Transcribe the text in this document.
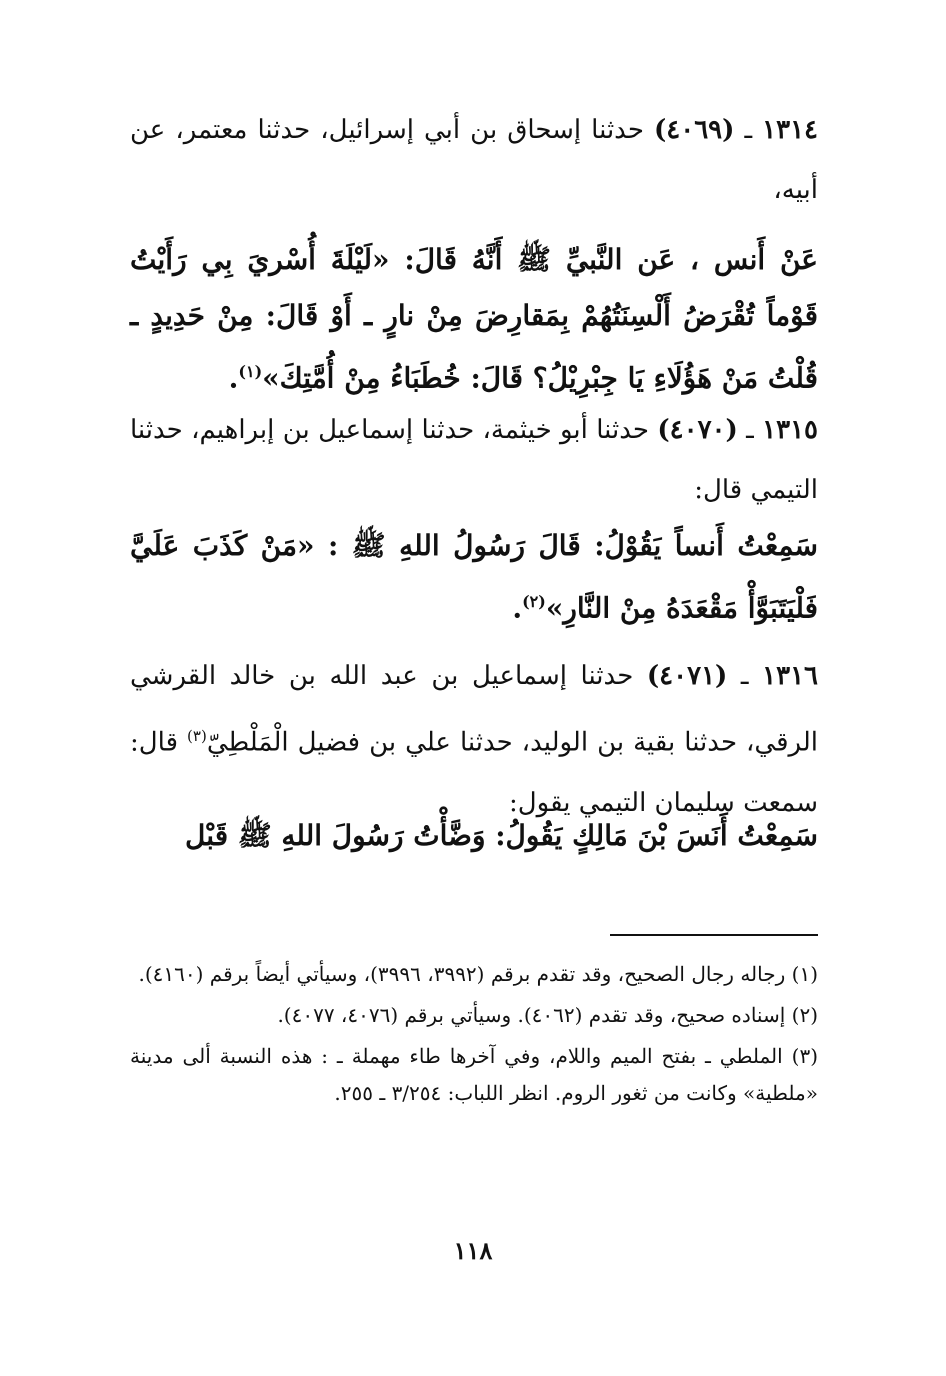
١٣١٤ ـ (٤٠٦٩) حدثنا إسحاق بن أبي إسرائيل، حدثنا معتمر، عن أبيه،
عَنْ أَنس ، عَن النَّبيِّ ﷺ أَنَّهُ قَالَ: «لَيْلَةَ أُسْريَ بِي رَأَيْتُ قَوْماً تُقْرَضُ أَلْسِنَتُهُمْ بِمَقارِضَ مِنْ نارٍ ـ أَوْ قَالَ: مِنْ حَدِيدٍ ـ قُلْتُ مَنْ هَؤُلَاءِ يَا جِبْرِيْلُ؟ قَالَ: خُطَبَاءُ مِنْ أُمَّتِكَ»$^{(١)}$.
١٣١٥ ـ (٤٠٧٠) حدثنا أبو خيثمة، حدثنا إسماعيل بن إبراهيم، حدثنا التيمي قال:
سَمِعْتُ أَنساً يَقُوْلُ: قَالَ رَسُولُ اللهِ ﷺ : «مَنْ كَذَبَ عَلَيَّ فَلْيَتَبَوَّأْ مَقْعَدَهُ مِنْ النَّارِ»$^{(٢)}$.
١٣١٦ ـ (٤٠٧١) حدثنا إسماعيل بن عبد الله بن خالد القرشي الرقي، حدثنا بقية بن الوليد، حدثنا علي بن فضيل الْمَلْطِيّ$^{(٣)}$ قال: سمعت سليمان التيمي يقول:
سَمِعْتُ أَنَسَ بْنَ مَالِكٍ يَقُولُ: وَضَّأْتُ رَسُولَ اللهِ ﷺ قَبْل

(١) رجاله رجال الصحيح، وقد تقدم برقم (٣٩٩٢، ٣٩٩٦)، وسيأتي أيضاً برقم (٤١٦٠).

(٢) إسناده صحيح، وقد تقدم (٤٠٦٢). وسيأتي برقم (٤٠٧٦، ٤٠٧٧).

(٣) الملطي ـ بفتح الميم واللام، وفي آخرها طاء مهملة ـ : هذه النسبة ألى مدينة «ملطية» وكانت من ثغور الروم. انظر اللباب: ٣/٢٥٤ ـ ٢٥٥.

١١٨
